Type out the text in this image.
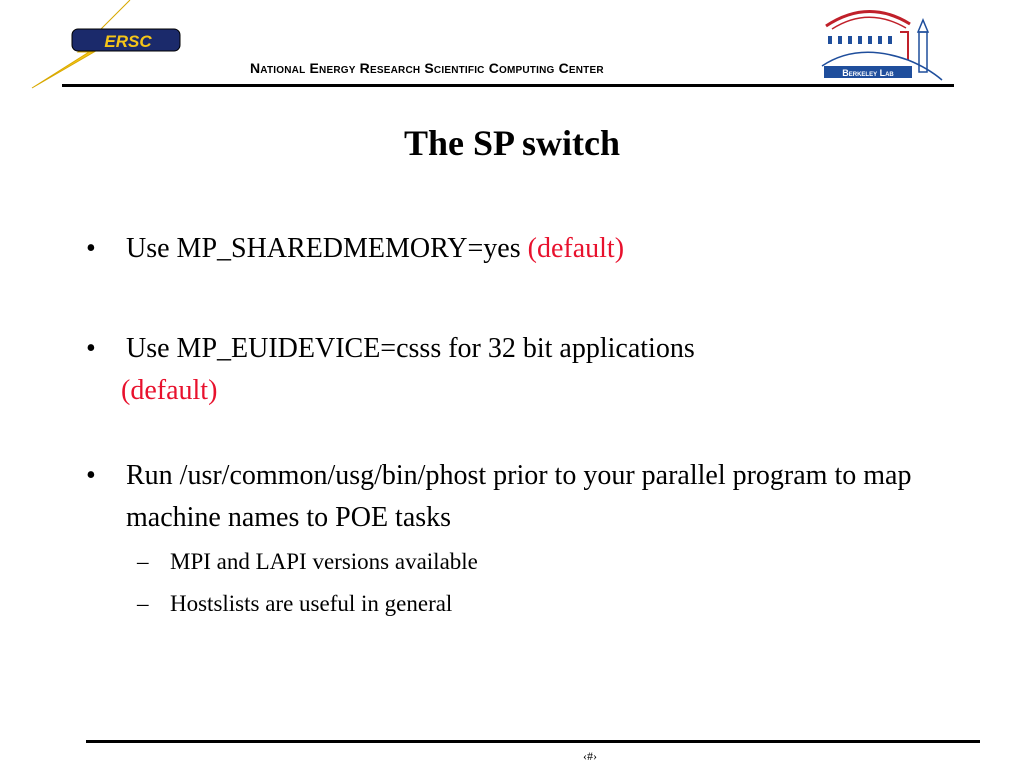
ERSC
National Energy Research Scientific Computing Center	Berkeley Lab
The SP switch
• Use MP_SHAREDMEMORY=yes (default)
• Use MP_EUIDEVICE=csss for 32 bit applications
(default)
• Run /usr/common/usg/bin/phost prior to your parallel program to map machine names to POE tasks
– MPI and LAPI versions available
– Hostslists are useful in general
‹#›
